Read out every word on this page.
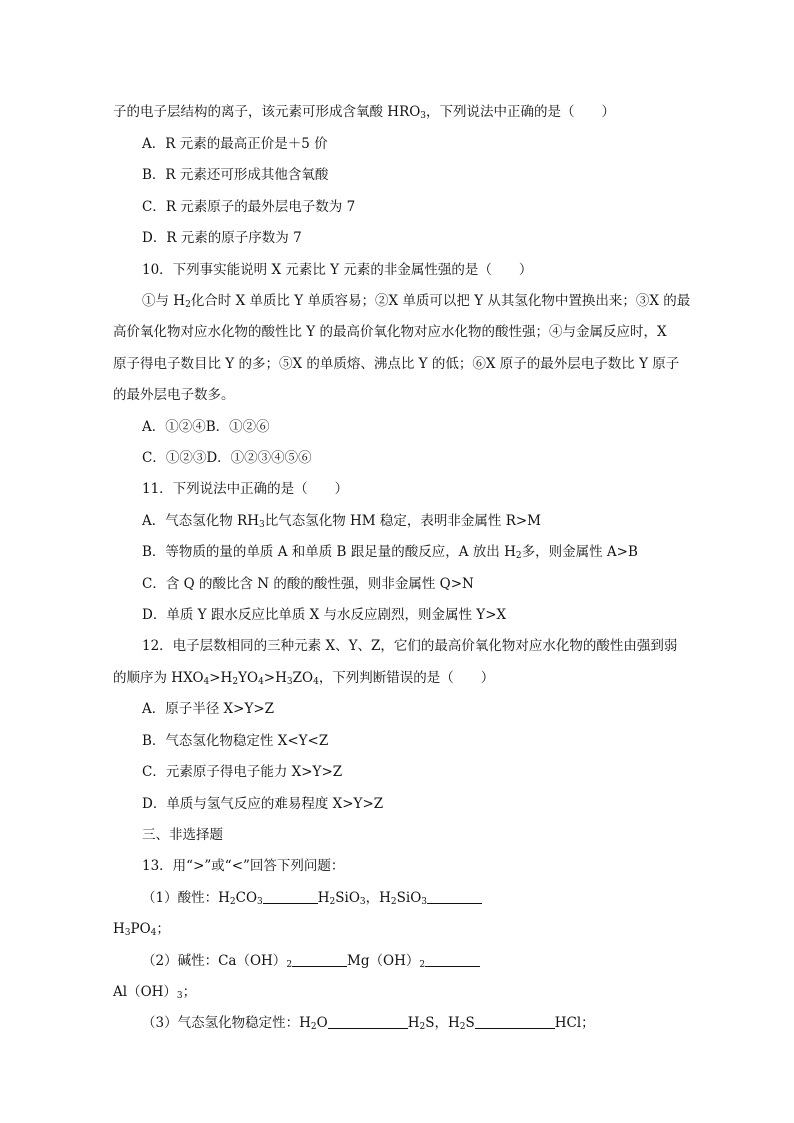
子的电子层结构的离子，该元素可形成含氧酸 $HRO_3$，下列说法中正确的是（　　）
A．R 元素的最高正价是＋5 价
B．R 元素还可形成其他含氧酸
C．R 元素原子的最外层电子数为 7
D．R 元素的原子序数为 7
10．下列事实能说明 X 元素比 Y 元素的非金属性强的是（　　）
①与 $H_2$化合时 X 单质比 Y 单质容易；②X 单质可以把 Y 从其氢化物中置换出来；③X 的最
高价氧化物对应水化物的酸性比 Y 的最高价氧化物对应水化物的酸性强；④与金属反应时，X
原子得电子数目比 Y 的多；⑤X 的单质熔、沸点比 Y 的低；⑥X 原子的最外层电子数比 Y 原子
的最外层电子数多。
A．①②④B．①②⑥
C．①②③D．①②③④⑤⑥
11．下列说法中正确的是（　　）
A．气态氢化物 $RH_3$比气态氢化物 HM 稳定，表明非金属性 R>M
B．等物质的量的单质 A 和单质 B 跟足量的酸反应，A 放出 $H_2$多，则金属性 A>B
C．含 Q 的酸比含 N 的酸的酸性强，则非金属性 Q>N
D．单质 Y 跟水反应比单质 X 与水反应剧烈，则金属性 Y>X
12．电子层数相同的三种元素 X、Y、Z，它们的最高价氧化物对应水化物的酸性由强到弱
的顺序为 $HXO_4>H_2YO_4>H_3ZO_4$，下列判断错误的是（　　）
A．原子半径 X>Y>Z
B．气态氢化物稳定性 X<Y<Z
C．元素原子得电子能力 X>Y>Z
D．单质与氢气反应的难易程度 X>Y>Z
三、非选择题
13．用“>”或“<”回答下列问题：
（1）酸性：$H_2CO_3$	$H_2SiO_3$，$H_2SiO_3$
$H_3PO_4$；
（2）碱性：$Ca(OH)_2$	$Mg(OH)_2$
$Al(OH)_3$；
（3）气态氢化物稳定性：$H_2O$	$H_2S$，$H_2S$	HCl；
